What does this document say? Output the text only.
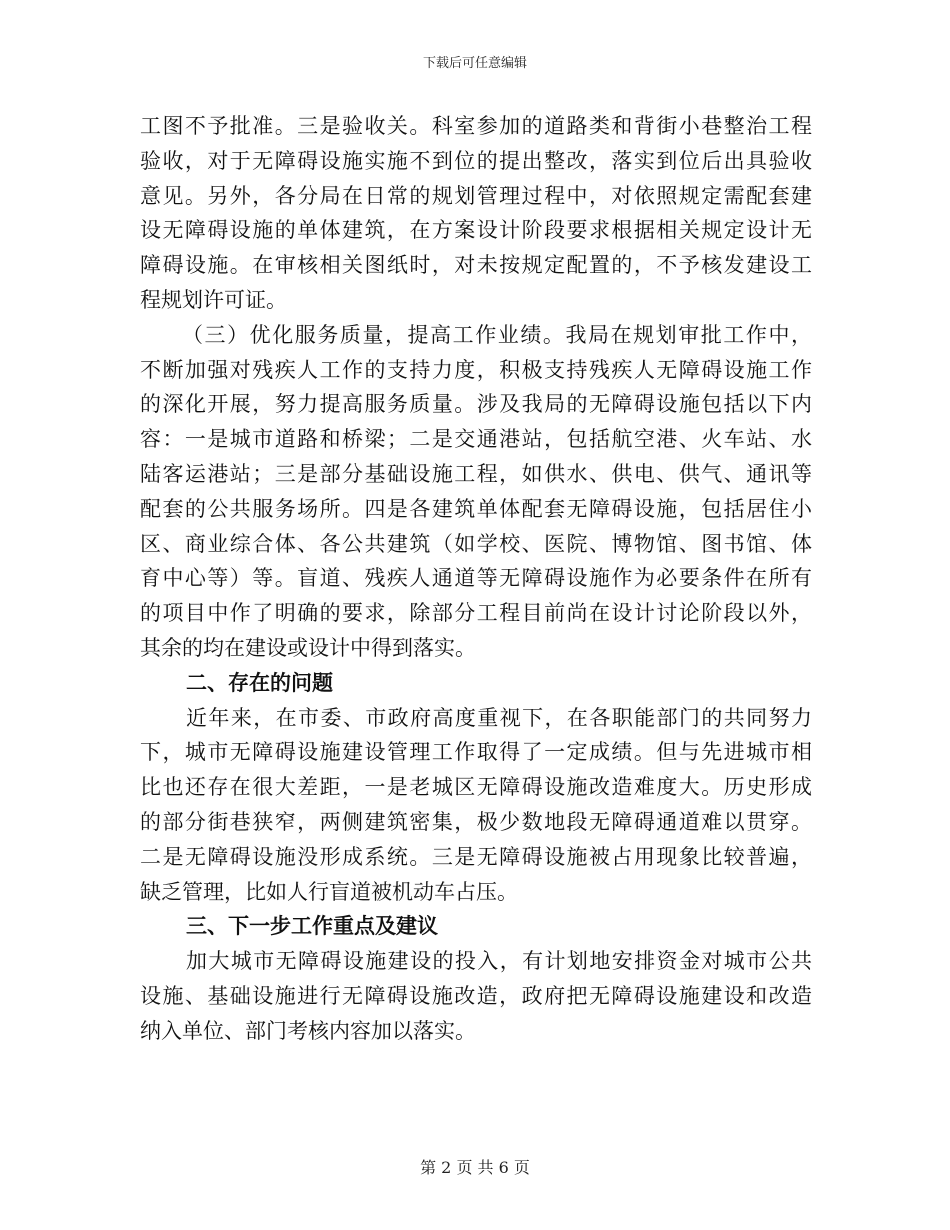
下载后可任意编辑
工图不予批准。三是验收关。科室参加的道路类和背街小巷整治工程
验收，对于无障碍设施实施不到位的提出整改，落实到位后出具验收
意见。另外，各分局在日常的规划管理过程中，对依照规定需配套建
设无障碍设施的单体建筑，在方案设计阶段要求根据相关规定设计无
障碍设施。在审核相关图纸时，对未按规定配置的，不予核发建设工
程规划许可证。
（三）优化服务质量，提高工作业绩。我局在规划审批工作中，
不断加强对残疾人工作的支持力度，积极支持残疾人无障碍设施工作
的深化开展，努力提高服务质量。涉及我局的无障碍设施包括以下内
容：一是城市道路和桥梁；二是交通港站，包括航空港、火车站、水
陆客运港站；三是部分基础设施工程，如供水、供电、供气、通讯等
配套的公共服务场所。四是各建筑单体配套无障碍设施，包括居住小
区、商业综合体、各公共建筑（如学校、医院、博物馆、图书馆、体
育中心等）等。盲道、残疾人通道等无障碍设施作为必要条件在所有
的项目中作了明确的要求，除部分工程目前尚在设计讨论阶段以外，
其余的均在建设或设计中得到落实。
二、存在的问题
近年来，在市委、市政府高度重视下，在各职能部门的共同努力
下，城市无障碍设施建设管理工作取得了一定成绩。但与先进城市相
比也还存在很大差距，一是老城区无障碍设施改造难度大。历史形成
的部分街巷狭窄，两侧建筑密集，极少数地段无障碍通道难以贯穿。
二是无障碍设施没形成系统。三是无障碍设施被占用现象比较普遍，
缺乏管理，比如人行盲道被机动车占压。
三、下一步工作重点及建议
加大城市无障碍设施建设的投入，有计划地安排资金对城市公共
设施、基础设施进行无障碍设施改造，政府把无障碍设施建设和改造
纳入单位、部门考核内容加以落实。
第 2 页 共 6 页
